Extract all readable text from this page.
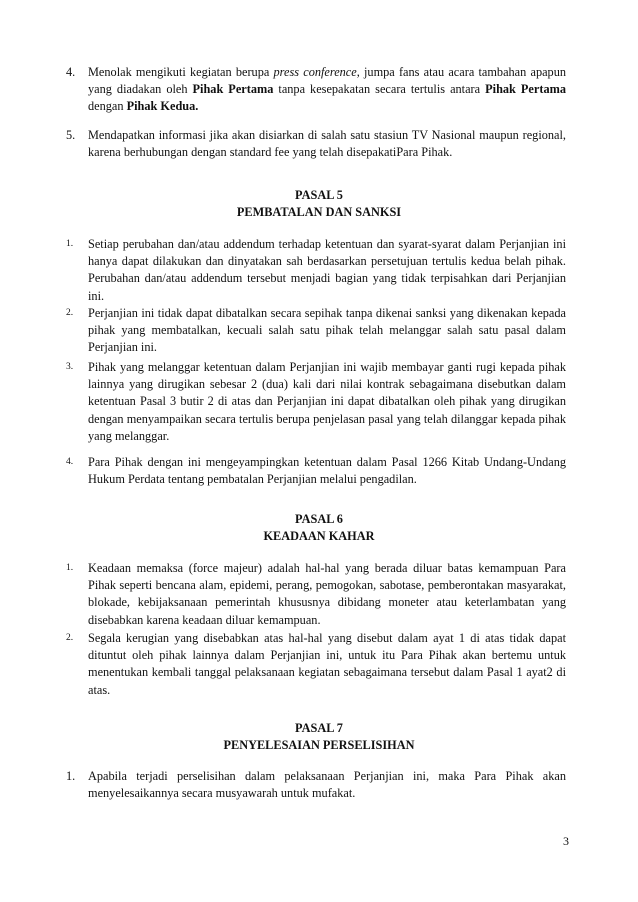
4.	Menolak mengikuti kegiatan berupa press conference, jumpa fans atau acara tambahan apapun yang diadakan oleh Pihak Pertama tanpa kesepakatan secara tertulis antara Pihak Pertama dengan Pihak Kedua.
5.	Mendapatkan informasi jika akan disiarkan di salah satu stasiun TV Nasional maupun regional, karena berhubungan dengan standard fee yang telah disepakatiPara Pihak.
PASAL 5
PEMBATALAN DAN SANKSI
1.	Setiap perubahan dan/atau addendum terhadap ketentuan dan syarat-syarat dalam Perjanjian ini hanya dapat dilakukan dan dinyatakan sah berdasarkan persetujuan tertulis kedua belah pihak. Perubahan dan/atau addendum tersebut menjadi bagian yang tidak terpisahkan dari Perjanjian ini.
2.	Perjanjian ini tidak dapat dibatalkan secara sepihak tanpa dikenai sanksi yang dikenakan kepada pihak yang membatalkan, kecuali salah satu pihak telah melanggar salah satu pasal dalam Perjanjian ini.
3.	Pihak yang melanggar ketentuan dalam Perjanjian ini wajib membayar ganti rugi kepada pihak lainnya yang dirugikan sebesar 2 (dua) kali dari nilai kontrak sebagaimana disebutkan dalam ketentuan Pasal 3 butir 2 di atas dan Perjanjian ini dapat dibatalkan oleh pihak yang dirugikan dengan menyampaikan secara tertulis berupa penjelasan pasal yang telah dilanggar kepada pihak yang melanggar.
4.	Para Pihak dengan ini mengeyampingkan ketentuan dalam Pasal 1266 Kitab Undang-Undang Hukum Perdata tentang pembatalan Perjanjian melalui pengadilan.
PASAL 6
KEADAAN KAHAR
1.	Keadaan memaksa (force majeur) adalah hal-hal yang berada diluar batas kemampuan Para Pihak seperti bencana alam, epidemi, perang, pemogokan, sabotase, pemberontakan masyarakat, blokade, kebijaksanaan pemerintah khususnya dibidang moneter atau keterlambatan yang disebabkan karena keadaan diluar kemampuan.
2.	Segala kerugian yang disebabkan atas hal-hal yang disebut dalam ayat 1 di atas tidak dapat dituntut oleh pihak lainnya dalam Perjanjian ini, untuk itu Para Pihak akan bertemu untuk menentukan kembali tanggal pelaksanaan kegiatan sebagaimana tersebut dalam Pasal 1 ayat2 di atas.
PASAL 7
PENYELESAIAN PERSELISIHAN
1.	Apabila terjadi perselisihan dalam pelaksanaan Perjanjian ini, maka Para Pihak akan menyelesaikannya secara musyawarah untuk mufakat.
3
